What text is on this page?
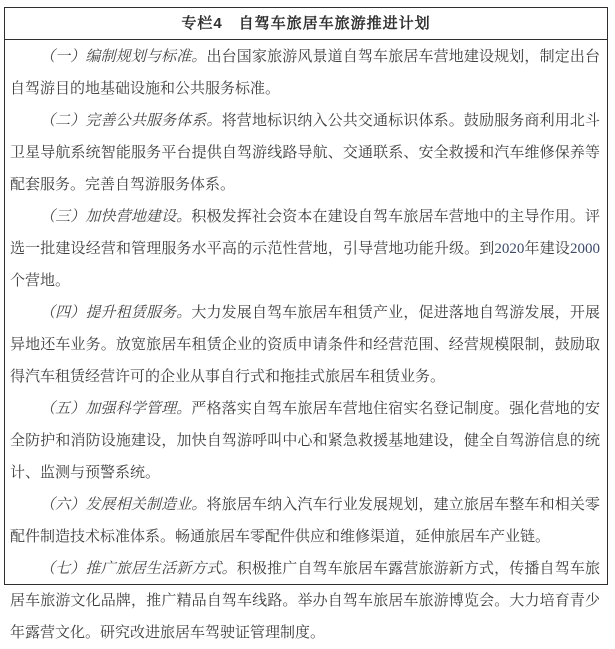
专栏4　自驾车旅居车旅游推进计划

（一）编制规划与标准。出台国家旅游风景道自驾车旅居车营地建设规划，制定出台自驾游目的地基础设施和公共服务标准。

（二）完善公共服务体系。将营地标识纳入公共交通标识体系。鼓励服务商利用北斗卫星导航系统智能服务平台提供自驾游线路导航、交通联系、安全救援和汽车维修保养等配套服务。完善自驾游服务体系。

（三）加快营地建设。积极发挥社会资本在建设自驾车旅居车营地中的主导作用。评选一批建设经营和管理服务水平高的示范性营地，引导营地功能升级。到2020年建设2000个营地。

（四）提升租赁服务。大力发展自驾车旅居车租赁产业，促进落地自驾游发展，开展异地还车业务。放宽旅居车租赁企业的资质申请条件和经营范围、经营规模限制，鼓励取得汽车租赁经营许可的企业从事自行式和拖挂式旅居车租赁业务。

（五）加强科学管理。严格落实自驾车旅居车营地住宿实名登记制度。强化营地的安全防护和消防设施建设，加快自驾游呼叫中心和紧急救援基地建设，健全自驾游信息的统计、监测与预警系统。

（六）发展相关制造业。将旅居车纳入汽车行业发展规划，建立旅居车整车和相关零配件制造技术标准体系。畅通旅居车零配件供应和维修渠道，延伸旅居车产业链。

（七）推广旅居生活新方式。积极推广自驾车旅居车露营旅游新方式，传播自驾车旅居车旅游文化品牌，推广精品自驾车线路。举办自驾车旅居车旅游博览会。大力培育青少年露营文化。研究改进旅居车驾驶证管理制度。
